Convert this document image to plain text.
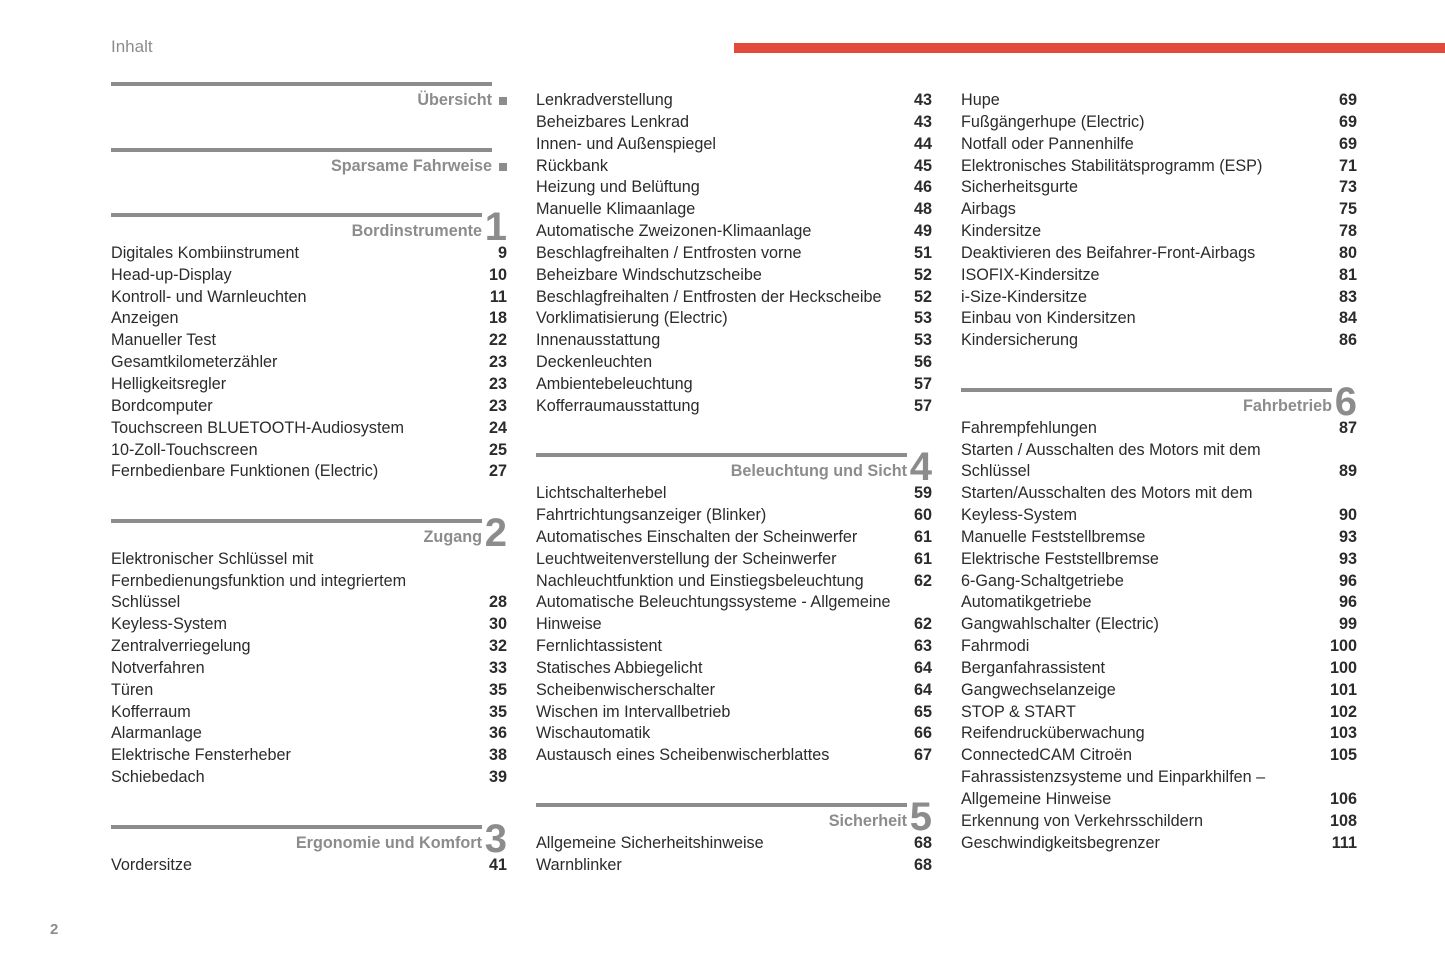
Inhalt
Übersicht
Sparsame Fahrweise
Bordinstrumente 1
Digitales Kombiinstrument	9
Head-up-Display	10
Kontroll- und Warnleuchten	11
Anzeigen	18
Manueller Test	22
Gesamtkilometerzähler	23
Helligkeitsregler	23
Bordcomputer	23
Touchscreen BLUETOOTH-Audiosystem	24
10-Zoll-Touchscreen	25
Fernbedienbare Funktionen (Electric)	27
Zugang 2
Elektronischer Schlüssel mit
Fernbedienungsfunktion und integriertem
Schlüssel	28
Keyless-System	30
Zentralverriegelung	32
Notverfahren	33
Türen	35
Kofferraum	35
Alarmanlage	36
Elektrische Fensterheber	38
Schiebedach	39
Ergonomie und Komfort 3
Vordersitze	41
Lenkradverstellung	43
Beheizbares Lenkrad	43
Innen- und Außenspiegel	44
Rückbank	45
Heizung und Belüftung	46
Manuelle Klimaanlage	48
Automatische Zweizonen-Klimaanlage	49
Beschlagfreihalten / Entfrosten vorne	51
Beheizbare Windschutzscheibe	52
Beschlagfreihalten / Entfrosten der Heckscheibe 52
Vorklimatisierung (Electric)	53
Innenausstattung	53
Deckenleuchten	56
Ambientebeleuchtung	57
Kofferraumausstattung	57
Beleuchtung und Sicht 4
Lichtschalterhebel	59
Fahrtrichtungsanzeiger (Blinker)	60
Automatisches Einschalten der Scheinwerfer	61
Leuchtweitenverstellung der Scheinwerfer	61
Nachleuchtfunktion und Einstiegsbeleuchtung	62
Automatische Beleuchtungssysteme - Allgemeine
Hinweise	62
Fernlichtassistent	63
Statisches Abbiegelicht	64
Scheibenwischerschalter	64
Wischen im Intervallbetrieb	65
Wischautomatik	66
Austausch eines Scheibenwischerblattes	67
Sicherheit 5
Allgemeine Sicherheitshinweise	68
Warnblinker	68
Hupe	69
Fußgängerhupe (Electric)	69
Notfall oder Pannenhilfe	69
Elektronisches Stabilitätsprogramm (ESP)	71
Sicherheitsgurte	73
Airbags	75
Kindersitze	78
Deaktivieren des Beifahrer-Front-Airbags	80
ISOFIX-Kindersitze	81
i-Size-Kindersitze	83
Einbau von Kindersitzen	84
Kindersicherung	86
Fahrbetrieb 6
Fahrempfehlungen	87
Starten / Ausschalten des Motors mit dem
Schlüssel	89
Starten/Ausschalten des Motors mit dem
Keyless-System	90
Manuelle Feststellbremse	93
Elektrische Feststellbremse	93
6-Gang-Schaltgetriebe	96
Automatikgetriebe	96
Gangwahlschalter (Electric)	99
Fahrmodi	100
Berganfahrassistent	100
Gangwechselanzeige	101
STOP & START	102
Reifendrucküberwachung	103
ConnectedCAM Citroën	105
Fahrassistenzsysteme und Einparkhilfen –
Allgemeine Hinweise	106
Erkennung von Verkehrsschildern	108
Geschwindigkeitsbegrenzer	111
2
